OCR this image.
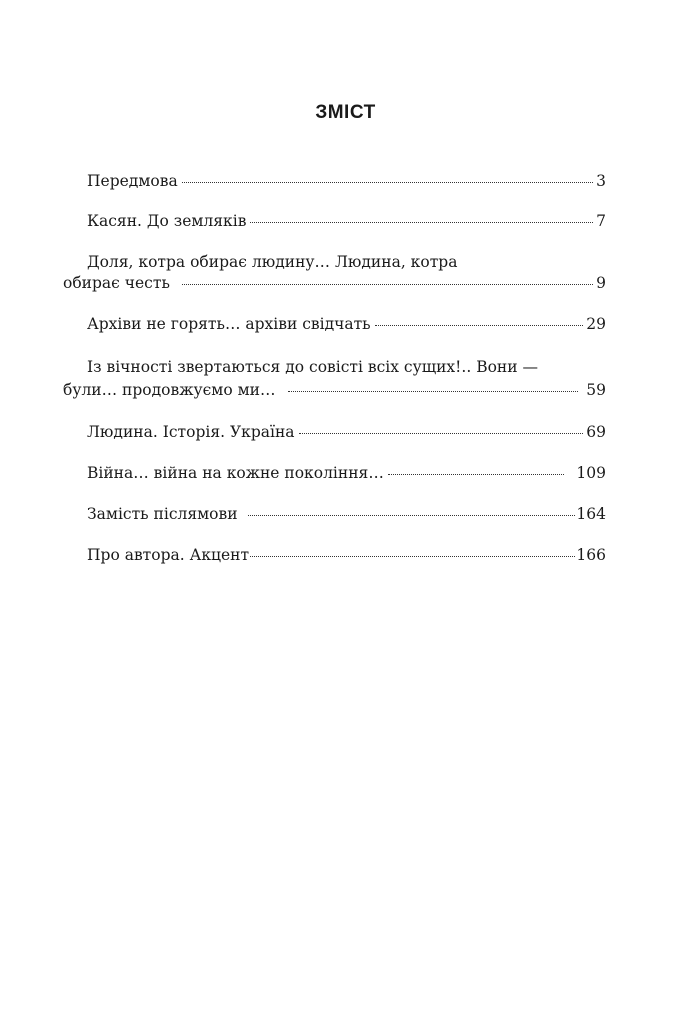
ЗМІСТ
Передмова	3
Касян. До земляків	7
Доля, котра обирає людину… Людина, котра
обирає честь	9
Архіви не горять… архіви свідчать	29
Із вічності звертаються до совісті всіх сущих!.. Вони —
були… продовжуємо ми…	59
Людина. Історія. Україна	69
Війна… війна на кожне покоління…	109
Замість післямови	164
Про автора. Акцент	166
